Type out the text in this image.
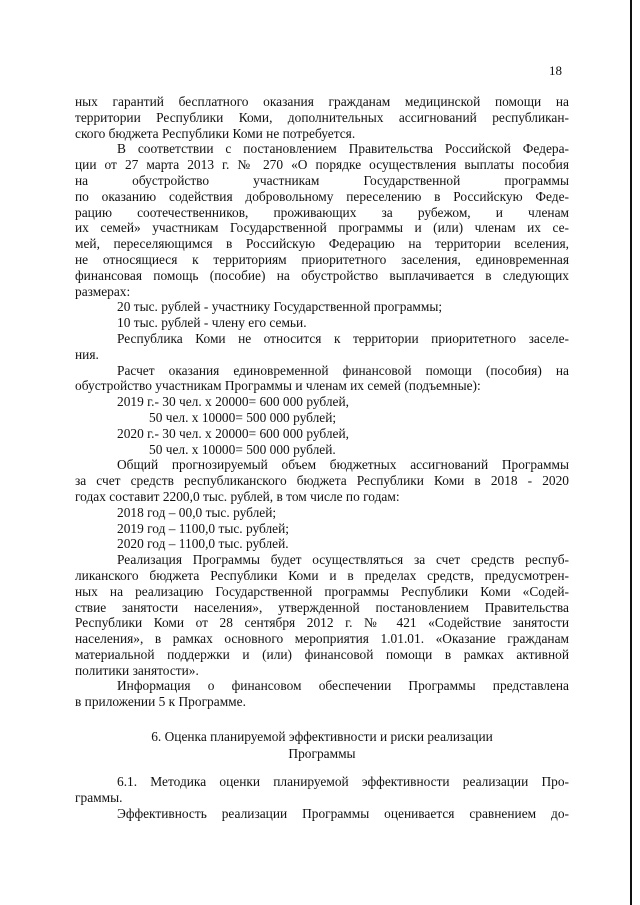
18
ных гарантий бесплатного оказания гражданам медицинской помощи на
территории Республики Коми, дополнительных ассигнований республикан-
ского бюджета Республики Коми не потребуется.
В соответствии с постановлением Правительства Российской Федера-
ции от 27 марта 2013 г. № 270 «О порядке осуществления выплаты пособия
на обустройство участникам Государственной программы
по оказанию содействия добровольному переселению в Российскую Феде-
рацию соотечественников, проживающих за рубежом, и членам
их семей» участникам Государственной программы и (или) членам их се-
мей, переселяющимся в Российскую Федерацию на территории вселения,
не относящиеся к территориям приоритетного заселения, единовременная
финансовая помощь (пособие) на обустройство выплачивается в следующих
размерах:
20 тыс. рублей - участнику Государственной программы;
10 тыс. рублей - члену его семьи.
Республика Коми не относится к территории приоритетного заселе-
ния.
Расчет оказания единовременной финансовой помощи (пособия) на
обустройство участникам Программы и членам их семей (подъемные):
2019 г.- 30 чел. х 20000= 600 000 рублей,
50 чел. х 10000= 500 000 рублей;
2020 г.- 30 чел. х 20000= 600 000 рублей,
50 чел. х 10000= 500 000 рублей.
Общий прогнозируемый объем бюджетных ассигнований Программы
за счет средств республиканского бюджета Республики Коми в 2018 - 2020
годах составит 2200,0 тыс. рублей, в том числе по годам:
2018 год – 00,0 тыс. рублей;
2019 год – 1100,0 тыс. рублей;
2020 год – 1100,0 тыс. рублей.
Реализация Программы будет осуществляться за счет средств респуб-
ликанского бюджета Республики Коми и в пределах средств, предусмотрен-
ных на реализацию Государственной программы Республики Коми «Содей-
ствие занятости населения», утвержденной постановлением Правительства
Республики Коми от 28 сентября 2012 г. № 421 «Содействие занятости
населения», в рамках основного мероприятия 1.01.01. «Оказание гражданам
материальной поддержки и (или) финансовой помощи в рамках активной
политики занятости».
Информация о финансовом обеспечении Программы представлена
в приложении 5 к Программе.
6. Оценка планируемой эффективности и риски реализации
Программы
6.1. Методика оценки планируемой эффективности реализации Про-
граммы.
Эффективность реализации Программы оценивается сравнением до-
